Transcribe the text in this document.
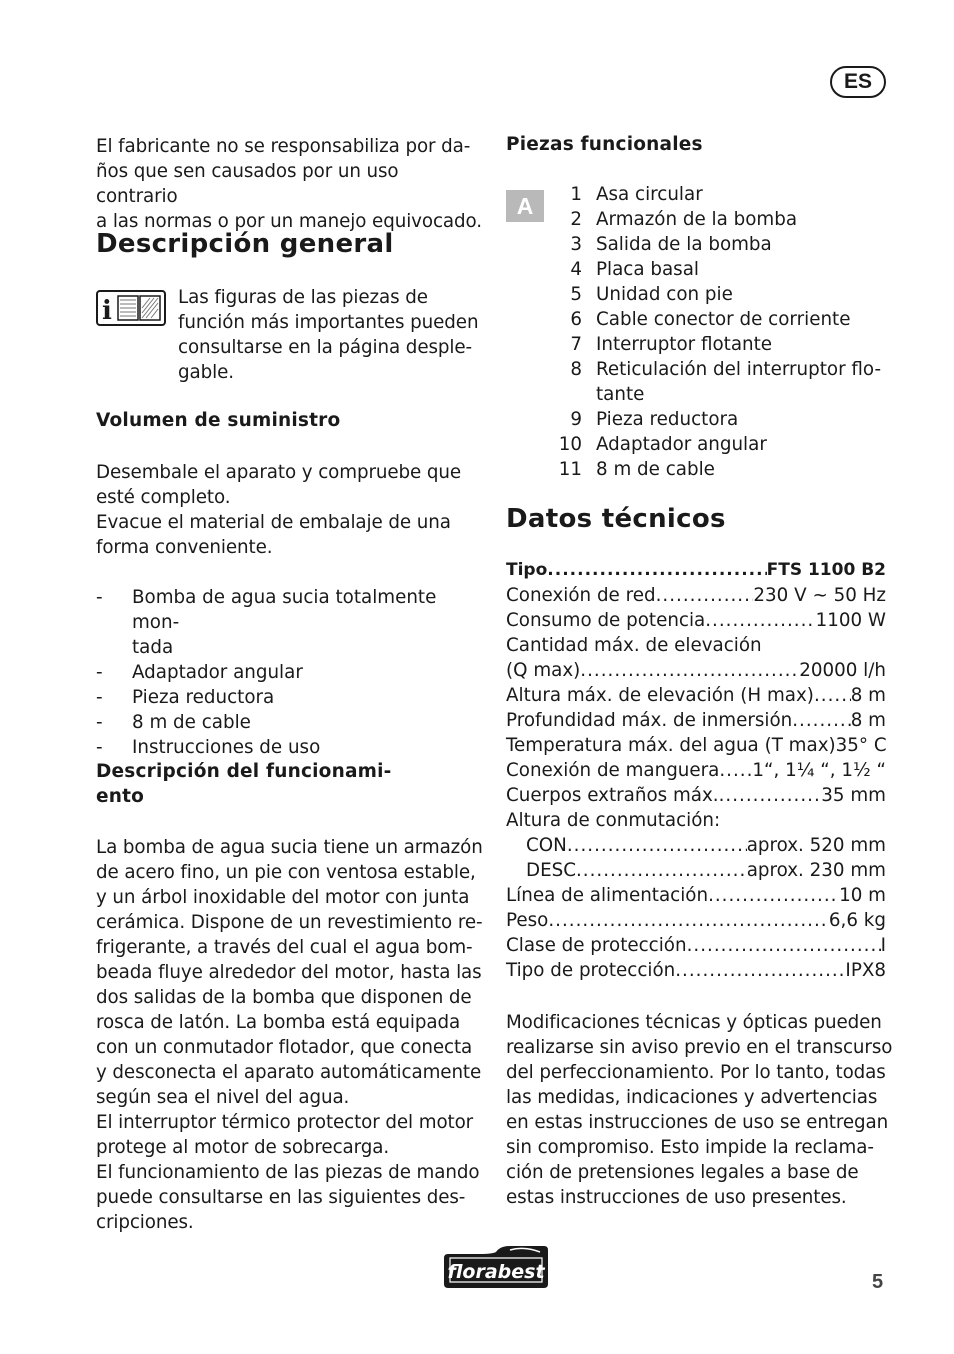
ES

El fabricante no se responsabiliza por da-
ños que sen causados por un uso contrario
a las normas o por un manejo equivocado.

Descripción general
i	Las figuras de las piezas de
función más importantes pueden
consultarse en la página desple-
gable.

Volumen de suministro

Desembale el aparato y compruebe que
esté completo.
Evacue el material de embalaje de una
forma conveniente.

- Bomba de agua sucia totalmente mon-
tada
- Adaptador angular
- Pieza reductora
- 8 m de cable
- Instrucciones de uso
Descripción del funcionami-
ento

La bomba de agua sucia tiene un armazón
de acero fino, un pie con ventosa estable,
y un árbol inoxidable del motor con junta
cerámica. Dispone de un revestimiento re-
frigerante, a través del cual el agua bom-
beada fluye alrededor del motor, hasta las
dos salidas de la bomba que disponen de
rosca de latón. La bomba está equipada
con un conmutador flotador, que conecta
y desconecta el aparato automáticamente
según sea el nivel del agua.
El interruptor térmico protector del motor
protege al motor de sobrecarga.
El funcionamiento de las piezas de mando
puede consultarse en las siguientes des-
cripciones.

Piezas funcionales
A	1 Asa circular
2 Armazón de la bomba
3 Salida de la bomba
4 Placa basal
5 Unidad con pie
6 Cable conector de corriente
7 Interruptor flotante
8 Reticulación del interruptor flo-
tante
9 Pieza reductora
10 Adaptador angular
11 8 m de cable
Datos técnicos
Tipo .....	FTS 1100 B2
Conexión de red .....	230 V ~ 50 Hz
Consumo de potencia .....	1100 W
Cantidad máx. de elevación
(Q max) .....	20000 l/h
Altura máx. de elevación (H max) ..... 8 m
Profundidad máx. de inmersión .....	8 m
Temperatura máx. del agua (T max) 35° C
Conexión de manguera ..... 1“, 1¼ “, 1½ “
Cuerpos extraños máx. .....	35 mm
Altura de conmutación:
CON .....	aprox. 520 mm
DESC .....	aprox. 230 mm
Línea de alimentación .....	10 m
Peso .....	6,6 kg
Clase de protección .....	I
Tipo de protección .....	IPX8

Modificaciones técnicas y ópticas pueden
realizarse sin aviso previo en el transcurso
del perfeccionamiento. Por lo tanto, todas
las medidas, indicaciones y advertencias
en estas instrucciones de uso se entregan
sin compromiso. Esto impide la reclama-
ción de pretensiones legales a base de
estas instrucciones de uso presentes.

florabest	5
